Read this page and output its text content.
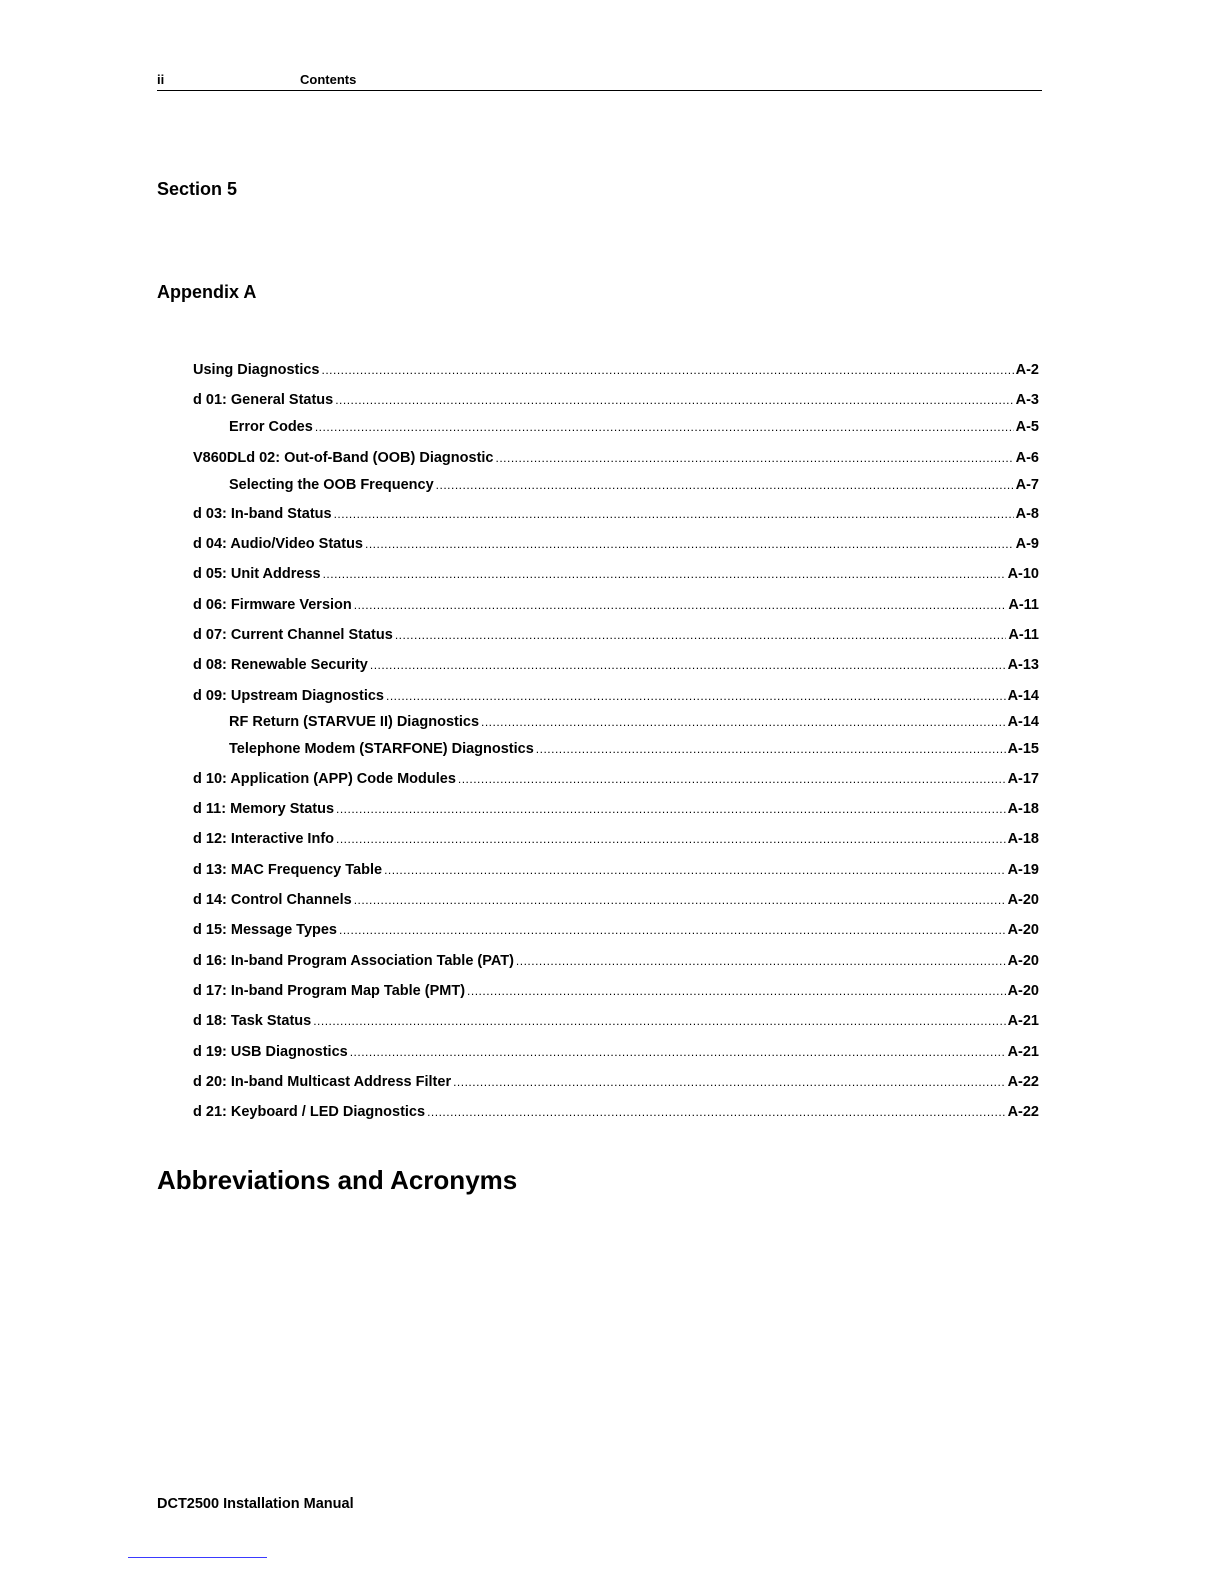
ii	Contents
Section 5
Appendix A
Using Diagnostics .....	A-2
d 01: General Status .....	A-3
Error Codes .....	A-5
V860DLd 02: Out-of-Band (OOB) Diagnostic .....	A-6
Selecting the OOB Frequency .....	A-7
d 03: In-band Status .....	A-8
d 04: Audio/Video Status .....	A-9
d 05: Unit Address .....	A-10
d 06: Firmware Version .....	A-11
d 07: Current Channel Status .....	A-11
d 08: Renewable Security .....	A-13
d 09: Upstream Diagnostics .....	A-14
RF Return (STARVUE II) Diagnostics .....	A-14
Telephone Modem (STARFONE) Diagnostics .....	A-15
d 10: Application (APP) Code Modules .....	A-17
d 11: Memory Status .....	A-18
d 12: Interactive Info .....	A-18
d 13: MAC Frequency Table .....	A-19
d 14: Control Channels .....	A-20
d 15: Message Types .....	A-20
d 16: In-band Program Association Table (PAT) .....	A-20
d 17: In-band Program Map Table (PMT) .....	A-20
d 18: Task Status .....	A-21
d 19: USB Diagnostics .....	A-21
d 20: In-band Multicast Address Filter .....	A-22
d 21: Keyboard / LED Diagnostics .....	A-22
Abbreviations and Acronyms
DCT2500 Installation Manual
